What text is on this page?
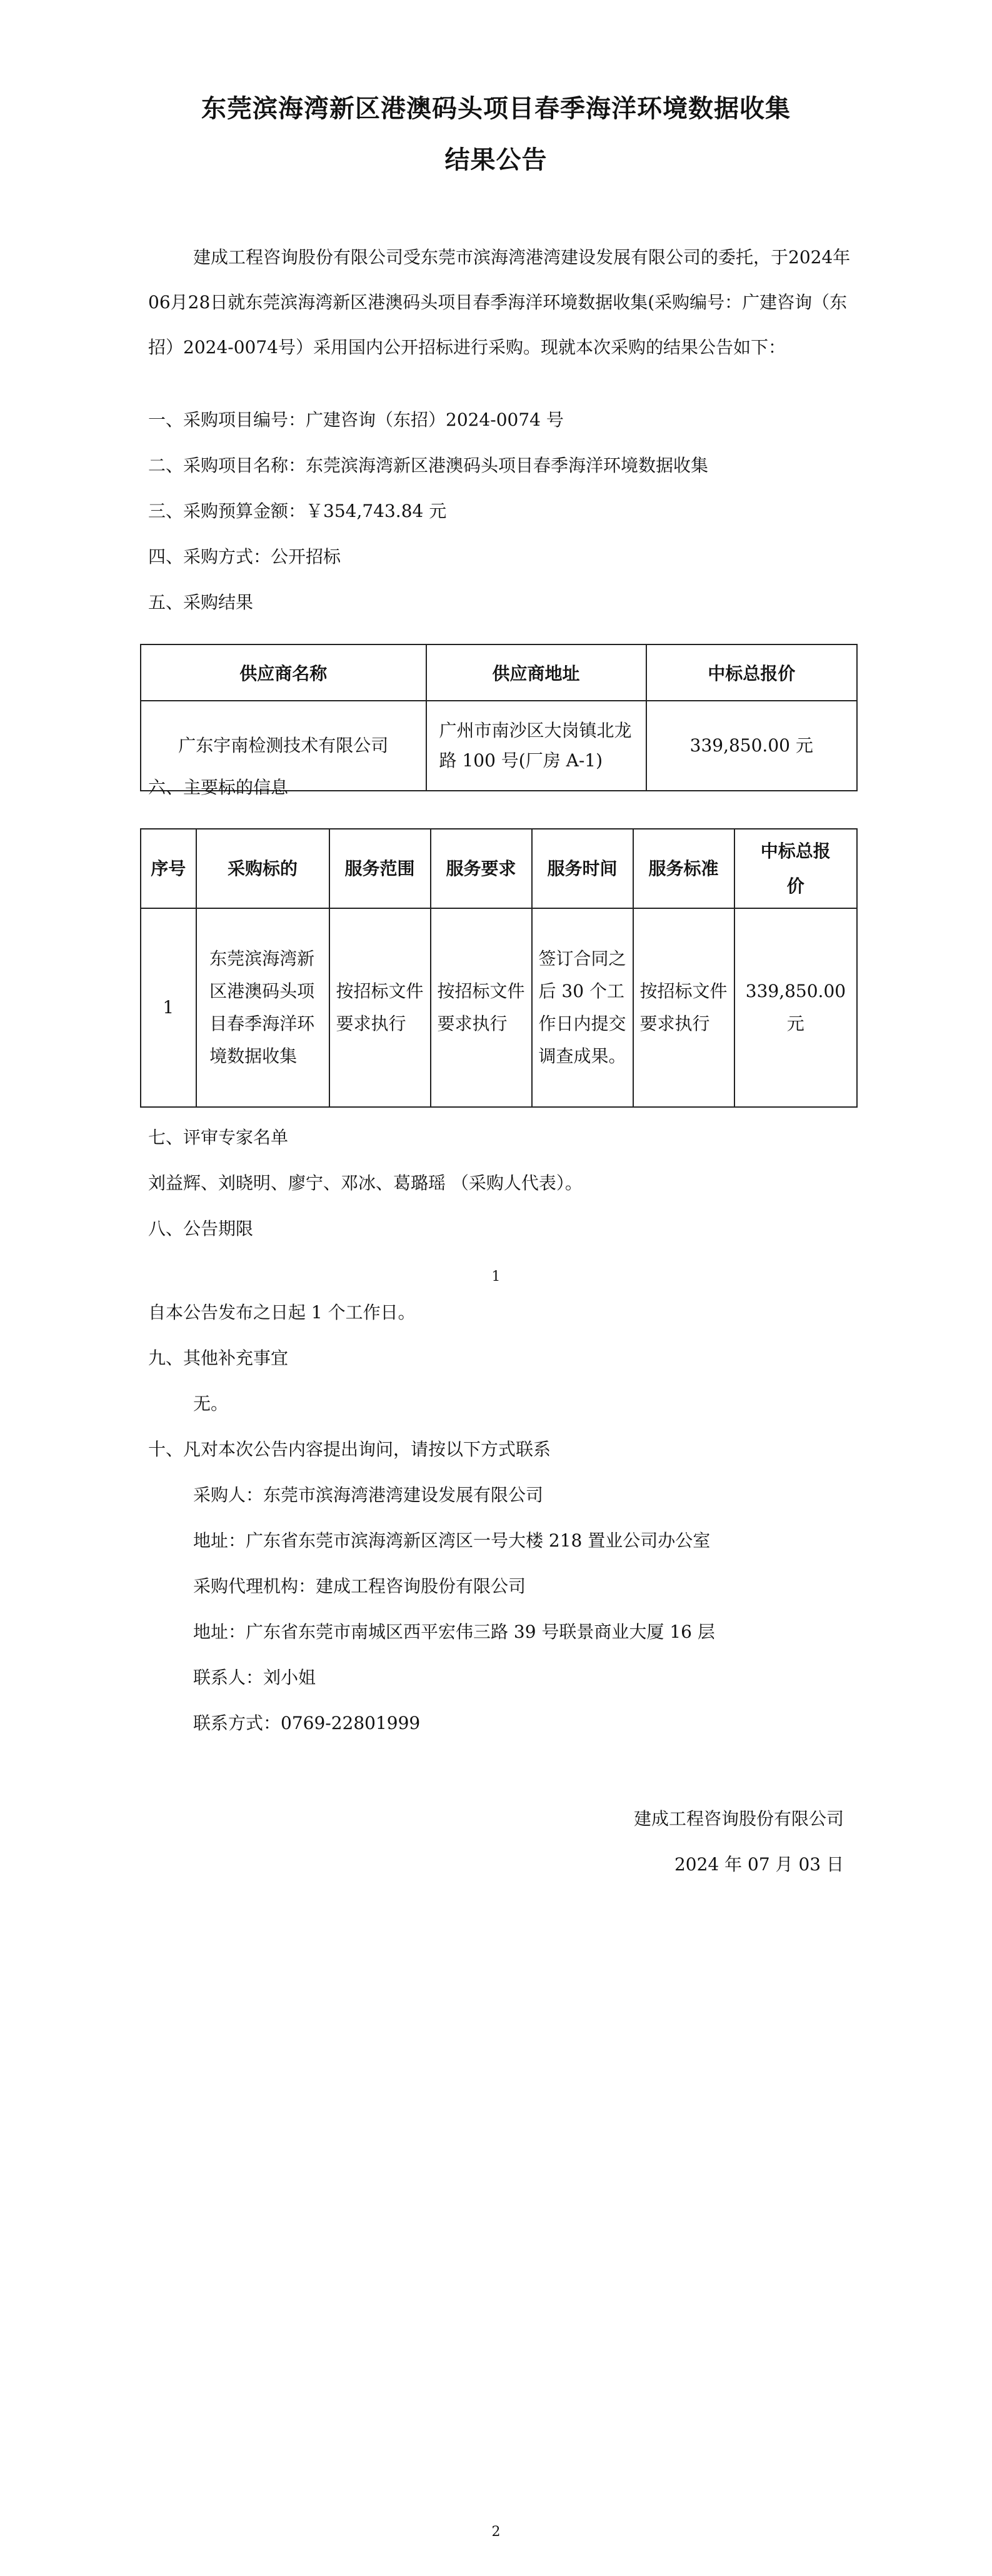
东莞滨海湾新区港澳码头项目春季海洋环境数据收集
结果公告
建成工程咨询股份有限公司受东莞市滨海湾港湾建设发展有限公司的委托，于2024年06月28日就东莞滨海湾新区港澳码头项目春季海洋环境数据收集(采购编号：广建咨询（东招）2024-0074号）采用国内公开招标进行采购。现就本次采购的结果公告如下：
一、采购项目编号：广建咨询（东招）2024-0074 号
二、采购项目名称：东莞滨海湾新区港澳码头项目春季海洋环境数据收集
三、采购预算金额：￥354,743.84 元
四、采购方式：公开招标
五、采购结果
供应商名称	供应商地址	中标总报价
广东宇南检测技术有限公司	广州市南沙区大岗镇北龙路 100 号(厂房 A-1)	339,850.00 元
六、主要标的信息
序号	采购标的	服务范围	服务要求	服务时间	服务标准	中标总报价
1	东莞滨海湾新区港澳码头项目春季海洋环境数据收集	按招标文件要求执行	按招标文件要求执行	签订合同之后 30 个工作日内提交调查成果。	按招标文件要求执行	339,850.00 元
七、评审专家名单
刘益辉、刘晓明、廖宁、邓冰、葛璐瑶 （采购人代表）。
八、公告期限
1
自本公告发布之日起 1 个工作日。
九、其他补充事宜
无。
十、凡对本次公告内容提出询问，请按以下方式联系
采购人：东莞市滨海湾港湾建设发展有限公司
地址：广东省东莞市滨海湾新区湾区一号大楼 218 置业公司办公室
采购代理机构：建成工程咨询股份有限公司
地址：广东省东莞市南城区西平宏伟三路 39 号联景商业大厦 16 层
联系人：刘小姐
联系方式：0769-22801999
建成工程咨询股份有限公司
2024 年 07 月 03 日
2
